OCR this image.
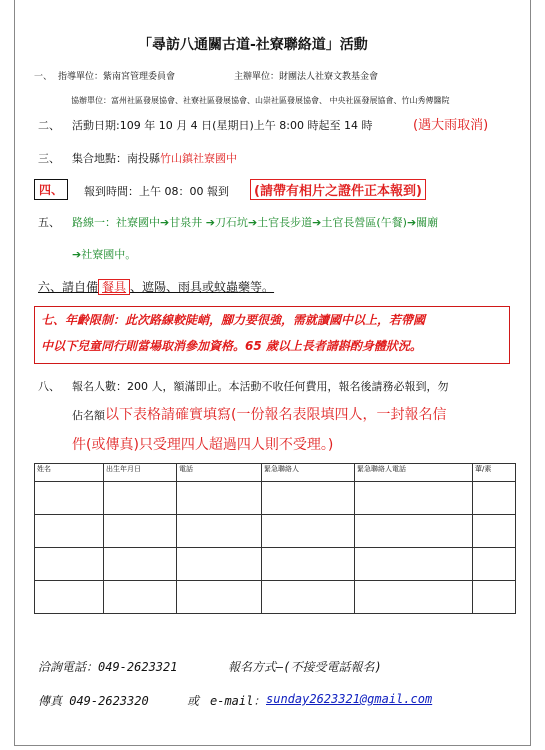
「尋訪八通關古道-社寮聯絡道」活動
一、 指導單位：紫南宮管理委員會	主辦單位：財團法人社寮文教基金會
協辦單位：富州社區發展協會、社寮社區發展協會、山崇社區發展協會、 中央社區發展協會、竹山秀傳醫院
二、 活動日期:109 年 10 月 4 日(星期日)上午 8:00 時起至 14 時	(遇大雨取消)
三、 集合地點：南投縣竹山鎮社寮國中
四、	報到時間：上午 08：00 報到	(請帶有相片之證件正本報到)
五、 路線一：社寮國中➔甘泉井 ➔刀石坑➔土官長步道➔土官長營區(午餐)➔關廟
➔社寮國中。
六、請自備 餐具 、遮陽、雨具或蚊蟲藥等。
七、年齡限制：此次路線較陡峭，腳力要很強，需就讀國中以上，若帶國
中以下兒童同行則當場取消參加資格。65 歲以上長者請斟酌身體狀況。
八、 報名人數：200 人，額滿即止。本活動不收任何費用，報名後請務必報到，勿
佔名額以下表格請確實填寫(一份報名表限填四人，一封報名信
件(或傳真)只受理四人超過四人則不受理。)
姓名	出生年月日	電話	緊急聯絡人	緊急聯絡人電話	葷/素

洽詢電話：049-2623321	報名方式—(不接受電話報名)
傳真 049-2623320	或 e-mail： sunday2623321@gmail.com
